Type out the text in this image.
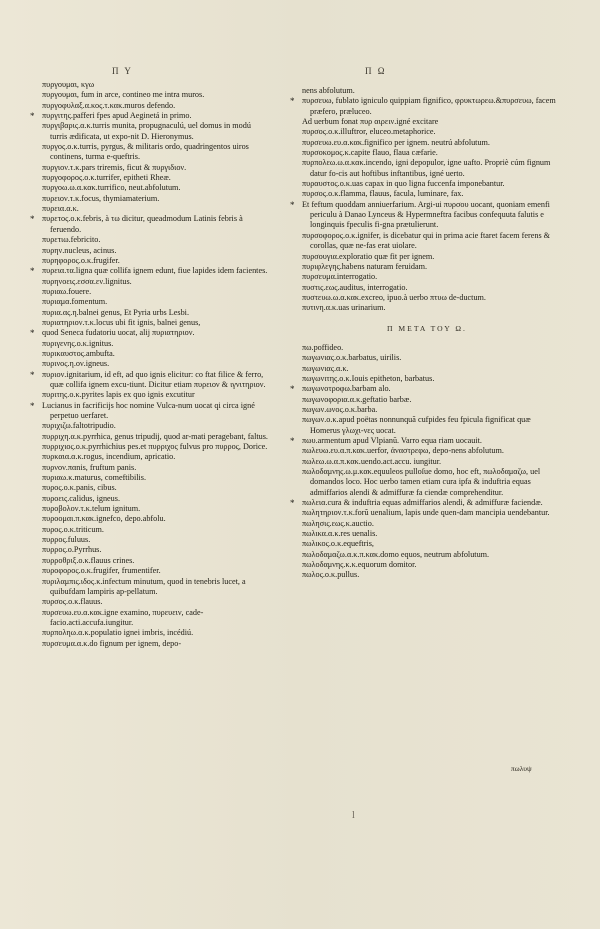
Π Υ	Π Ω
πυργουμαι, κγω
πυργουμαι, fum in arce, contineo me intra muros.
πυργοφυλαξ.α.κος.τ.κακ.muros defendo.
* πυργιτης.pafferi fpes apud Aeginetá in primo.
πυργιβαρις.α.κ.turris munita, propugnaculú, uel domus in modú turris ædificata, ut expo-nit D. Hieronymus.
πυργος.ο.κ.turris, pyrgus, & militaris ordo, quadringentos uiros continens, turma e-queftris.
πυργιον.τ.κ.pars triremis, ficut & πυργιδιον.
πυργοφορος.ο.κ.turrifer, epitheti Rheæ.
πυργοω.ω.α.κακ.turrifico, neut.abfolutum.
πυρειον.τ.κ.focus, thymiamaterium.
πυρεια.α.κ.
* πυρετος.ο.κ.febris, à τω dicitur, queadmodum Latinis febris à feruendo.
πυρετιω.febricito.
πυρην.nucleus, acinus.
πυρηφορος.ο.κ.frugifer.
* πυρεια.τα.ligna quæ collifa ignem edunt, fiue lapides idem facientes.
πυρηνοεις.εσσα.εν.lignitus.
πυριαω.fouere.
πυριαμα.fomentum.
πυρια.ας.η.balnei genus, Et Pyria urbs Lesbi.
πυριατηριον.τ.κ.locus ubi fit ignis, balnei genus,
* quod Seneca fudatoriu uocat, alij πυριατηριον.
πυριγενης.ο.κ.ignitus.
πυρικαυστος.ambufta.
πυρινος.η.ον.igneus.
* πυριον.ignitarium, id eft, ad quo ignis elicitur: co ftat filice & ferro, quæ collifa ignem excu-tiunt. Dicitur etiam πυρειον & ιγνιτηριον.
πυριτης.ο.κ.pyrites lapis ex quo ignis excutitur
* Lucianus in facrificijs hoc nomine Vulca-num uocat qi circa igné perpetuo uerfaret.
πυριχιζω.faltotripudio.
πυρριχη.α.κ.pyrrhica, genus tripudij, quod ar-mati peragebant, faltus.
πυρριχιος.ο.κ.pyrrhichius pes.et πυρριχος fulvus pro πυρρος, Dorice.
πυρκαια.α.κ.rogus, incendium, apricatio.
πυρνον.παnis, fruftum panis.
πυριαω.κ.maturus, comeftibilis.
πυρος.ο.κ.panis, cibus.
πυροεις.calidus, igneus.
πυροβολον.τ.κ.telum ignitum.
πυροομαι.π.κακ.ignefco, depo.abfolu.
πυρος.ο.κ.triticum.
πυρρος.fuluus.
πυρρος.ο.Pyrrhus.
πυρροθριξ.ο.κ.flauus crines.
πυροφορος.ο.κ.frugifer, frumentifer.
πυριλαμπις.ιδος.κ.infectum minutum, quod in tenebris lucet, a quibufdam lampiris ap-pellatum.
πυρσος.ο.κ.flauus.
πυρσευω.ευ.α.κακ.igne examino, πυρευειν, cade-facio.acti.accufa.iungitur.
πυρποληω.α.κ.populatio ignei imbris, incédiú.
πυρσευμα.α.κ.do fignum per ignem, depo-
nens abfolutum.
* πυρσευω, fublato igniculo quippiam fignifico, φρυκτωρεω.&πυρσευω, facem præfero, præluceo.
Ad uerbum fonat πυρ αιρειν.igné excitare
πυρσος.ο.κ.illuftror, eluceo.metaphorice.
πυρσευω.ευ.α.κακ.fignifico per ignem. neutrú abfolutum.
πυρσοκομος.κ.capite flauo, flaua cæfarie.
πυρπολεω.ω.α.κακ.incendo, igni depopulor, igne uafto. Propriè cúm fignum datur fo-cis aut hoftibus inftantibus, igné uerto.
πυραυστος.ο.κ.uas capax in quo ligna fuccenfa imponebantur.
πυρσος.ο.κ.flamma, flauus, facula, luminare, fax.
* Et feftum quoddam anniuerfarium. Argi-ui πυρσου uocant, quoniam emenfi periculu à Danao Lynceus & Hypermneftra facibus confequuta falutis e longinquis fpeculis fi-gna prætulierunt.
πυρσοφορος.ο.κ.ignifer, is dicebatur qui in prima acie ftaret facem ferens & corollas, quæ ne-fas erat uiolare.
πυρσουγια.exploratio quæ fit per ignem.
πυριφλεγης.habens naturam feruidam.
πυρσευμα.interrogatio.
πυστις.εως.auditus, interrogatio.
πυστευω.ω.α.κακ.excreo, ipuo.à uerbo πτυω de-ductum.
πυτινη.α.κ.uas urinarium.
Π ΜΕΤΑ ΤΟΥ Ω.
πω.poffideo.
πωγωνιας.ο.κ.barbatus, uirilis.
πωγωνιας.α.κ.
πωγωνιτης.ο.κ.Iouis epitheton, barbatus.
* πωγωνοτροφω.barbam alo.
πωγωνοφορια.α.κ.geftatio barbæ.
πωγων.ωνος.ο.κ.barba.
πωγων.ο.κ.apud poëtas nonnunquã cufpides feu fpicula fignificat quæ Homerus γλωχι-νες uocat.
* πωυ.armentum apud Vlpianũ. Varro equa riam uocauit.
πωλευω.ευ.α.π.κακ.uerfor, ἀναστρεφω, depo-nens abfolutum.
πωλεω.ω.α.π.κακ.uendo.act.accu. iungitur.
πωλοδαμνης.ω.μ.κακ.equuleos pulloſue domo, hoc eft, πωλοδαμαζω, uel domandos loco. Hoc uerbo tamen etiam cura ipfa & induftria equas admiffarios alendi & admiffuræ fa ciendæ comprehenditur.
* πωλεια.cura & induftria equas admiffarios alendi, & admiffuræ faciendæ.
πωλητηριον.τ.κ.forũ uenalium, lapis unde quen-dam mancipia uendebantur.
πωλησις.εως.κ.auctio.
πωλικα.α.κ.res uenalis.
πωλικος.ο.κ.equeftris,
πωλοδαμαζω.α.κ.π.κακ.domo equos, neutrum abfolutum.
πωλοδαμνης.κ.κ.equorum domitor.
πωλος.ο.κ.pullus.
πωλυψ
l
